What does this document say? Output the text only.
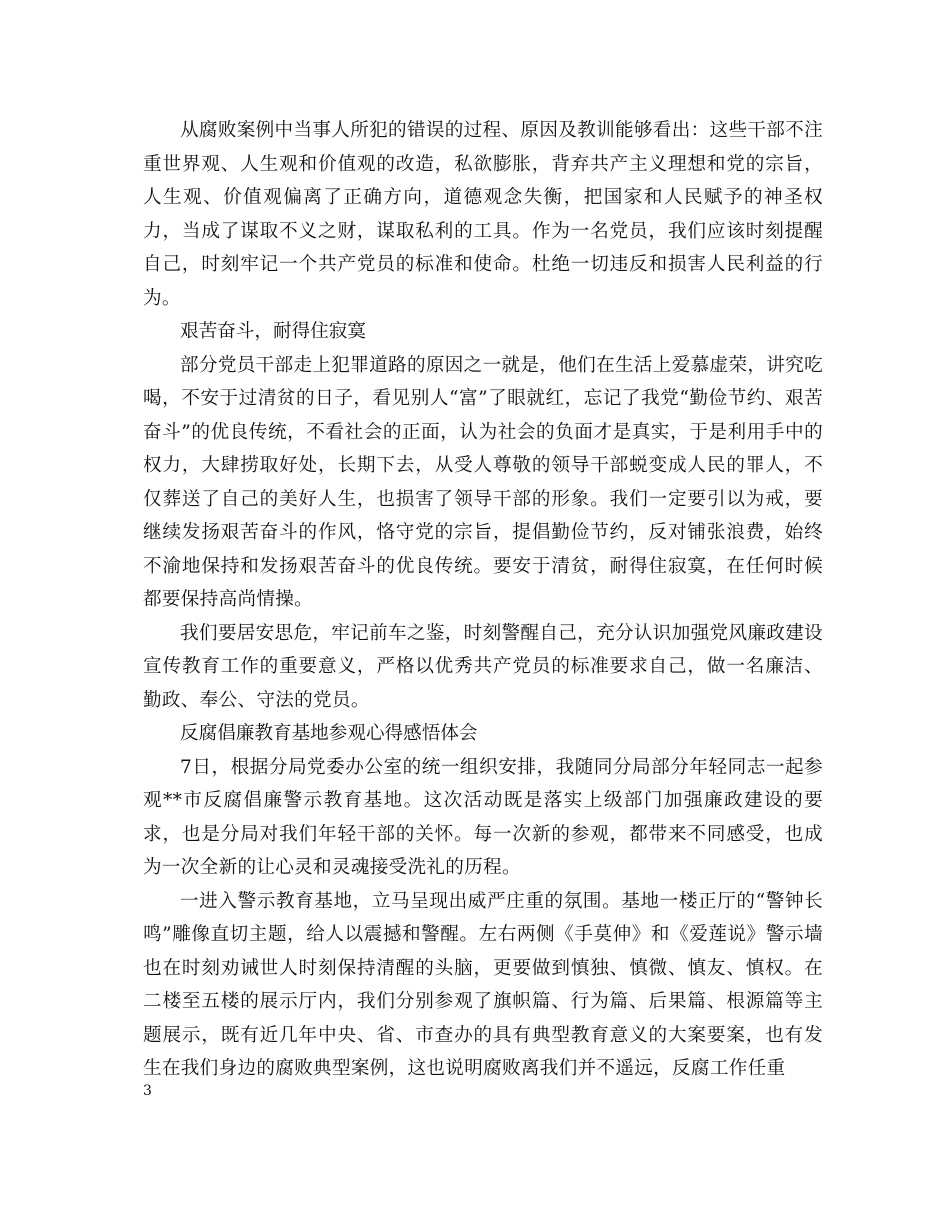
从腐败案例中当事人所犯的错误的过程、原因及教训能够看出：这些干部不注重世界观、人生观和价值观的改造，私欲膨胀，背弃共产主义理想和党的宗旨，人生观、价值观偏离了正确方向，道德观念失衡，把国家和人民赋予的神圣权力，当成了谋取不义之财，谋取私利的工具。作为一名党员，我们应该时刻提醒自己，时刻牢记一个共产党员的标准和使命。杜绝一切违反和损害人民利益的行为。

艰苦奋斗，耐得住寂寞

部分党员干部走上犯罪道路的原因之一就是，他们在生活上爱慕虚荣，讲究吃喝，不安于过清贫的日子，看见别人“富”了眼就红，忘记了我党“勤俭节约、艰苦奋斗”的优良传统，不看社会的正面，认为社会的负面才是真实，于是利用手中的权力，大肆捞取好处，长期下去，从受人尊敬的领导干部蜕变成人民的罪人，不仅葬送了自己的美好人生，也损害了领导干部的形象。我们一定要引以为戒，要继续发扬艰苦奋斗的作风，恪守党的宗旨，提倡勤俭节约，反对铺张浪费，始终不渝地保持和发扬艰苦奋斗的优良传统。要安于清贫，耐得住寂寞，在任何时候都要保持高尚情操。

我们要居安思危，牢记前车之鉴，时刻警醒自己，充分认识加强党风廉政建设宣传教育工作的重要意义，严格以优秀共产党员的标准要求自己，做一名廉洁、勤政、奉公、守法的党员。

反腐倡廉教育基地参观心得感悟体会

7日，根据分局党委办公室的统一组织安排，我随同分局部分年轻同志一起参观**市反腐倡廉警示教育基地。这次活动既是落实上级部门加强廉政建设的要求，也是分局对我们年轻干部的关怀。每一次新的参观，都带来不同感受，也成为一次全新的让心灵和灵魂接受洗礼的历程。

一进入警示教育基地，立马呈现出威严庄重的氛围。基地一楼正厅的“警钟长鸣”雕像直切主题，给人以震撼和警醒。左右两侧《手莫伸》和《爱莲说》警示墙也在时刻劝诫世人时刻保持清醒的头脑，更要做到慎独、慎微、慎友、慎权。在二楼至五楼的展示厅内，我们分别参观了旗帜篇、行为篇、后果篇、根源篇等主题展示，既有近几年中央、省、市查办的具有典型教育意义的大案要案，也有发生在我们身边的腐败典型案例，这也说明腐败离我们并不遥远，反腐工作任重

3
